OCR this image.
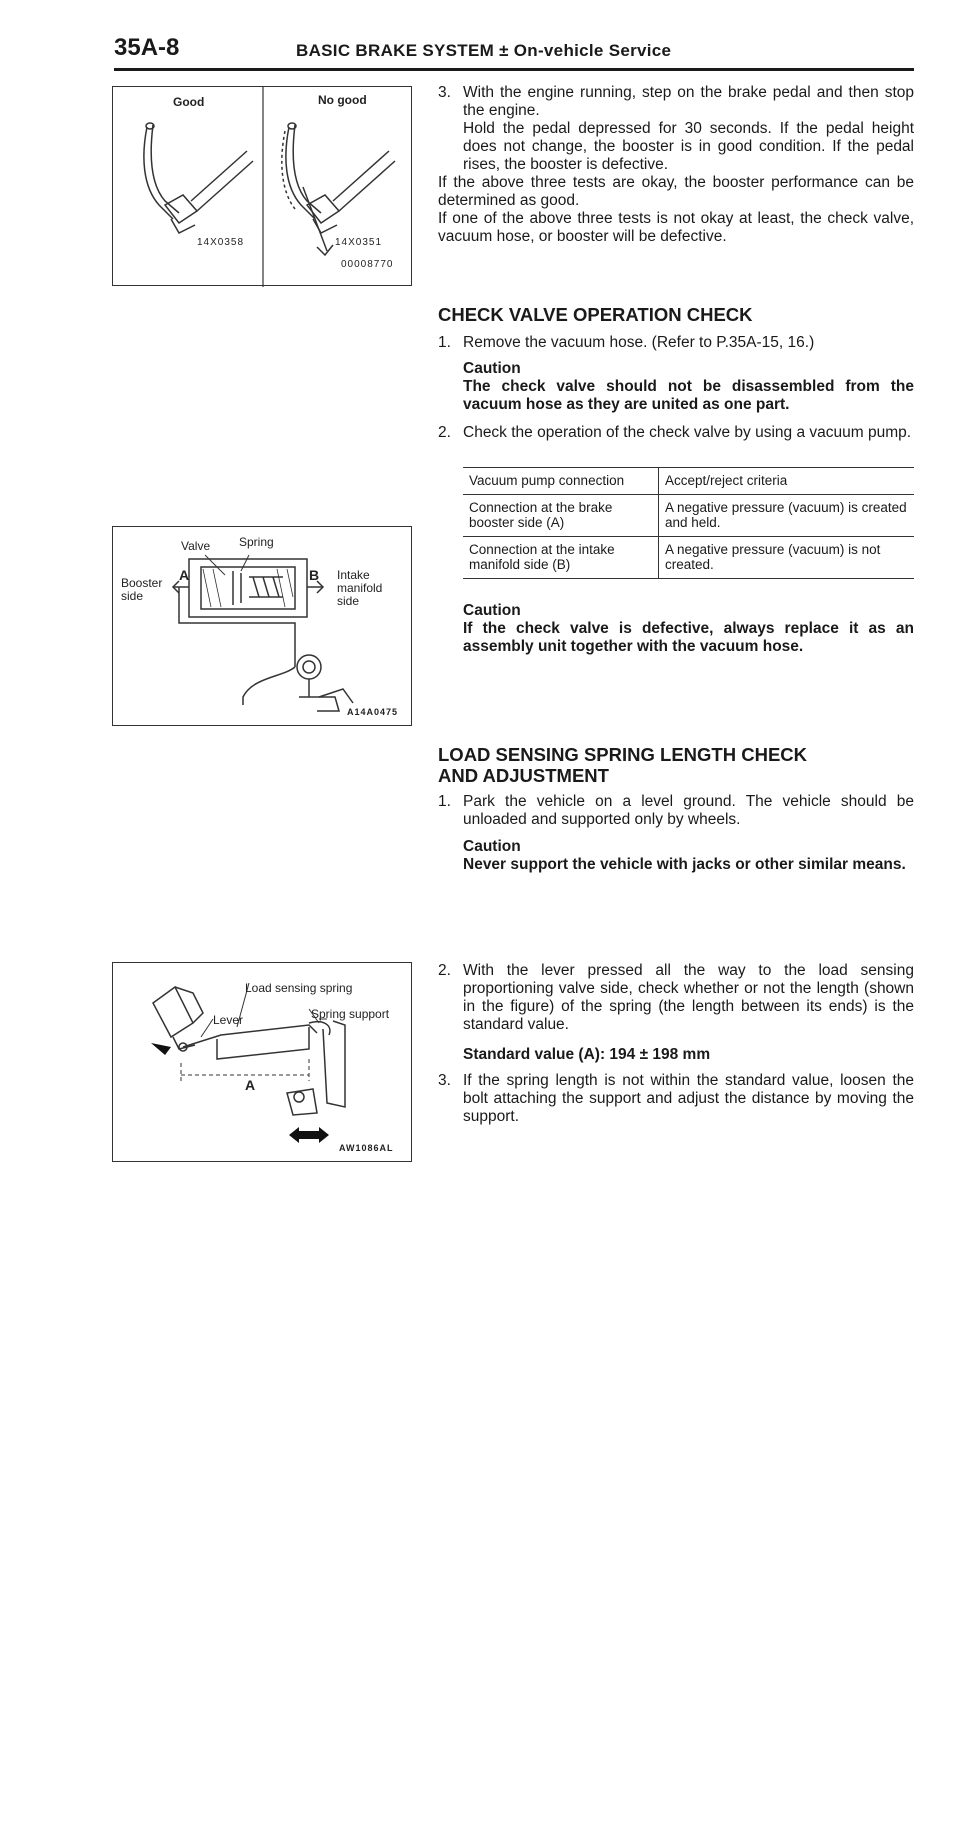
35A-8	BASIC BRAKE SYSTEM ± On-vehicle Service
Good	No good
14X0358	14X0351
00008770
Valve Spring
Booster
side
Intake
manifold
side
A	B
A14A0475
Load sensing spring
Lever	Spring support
A
AW1086AL
3. With the engine running, step on the brake pedal and then stop the engine.
Hold the pedal depressed for 30 seconds. If the pedal height does not change, the booster is in good condition. If the pedal rises, the booster is defective.
If the above three tests are okay, the booster performance can be determined as good.
If one of the above three tests is not okay at least, the check valve, vacuum hose, or booster will be defective.
CHECK VALVE OPERATION CHECK
1. Remove the vacuum hose. (Refer to P.35A-15, 16.)
Caution
The check valve should not be disassembled from the vacuum hose as they are united as one part.
2. Check the operation of the check valve by using a vacuum pump.
Vacuum pump connection	Accept/reject criteria
Connection at the brake booster side (A)	A negative pressure (vacuum) is created and held.
Connection at the intake manifold side (B)	A negative pressure (vacuum) is not created.
Caution
If the check valve is defective, always replace it as an assembly unit together with the vacuum hose.
LOAD SENSING SPRING LENGTH CHECK
AND ADJUSTMENT
1. Park the vehicle on a level ground. The vehicle should be unloaded and supported only by wheels.
Caution
Never support the vehicle with jacks or other similar means.
2. With the lever pressed all the way to the load sensing proportioning valve side, check whether or not the length (shown in the figure) of the spring (the length between its ends) is the standard value.
Standard value (A): 194 ± 198 mm
3. If the spring length is not within the standard value, loosen the bolt attaching the support and adjust the distance by moving the support.
